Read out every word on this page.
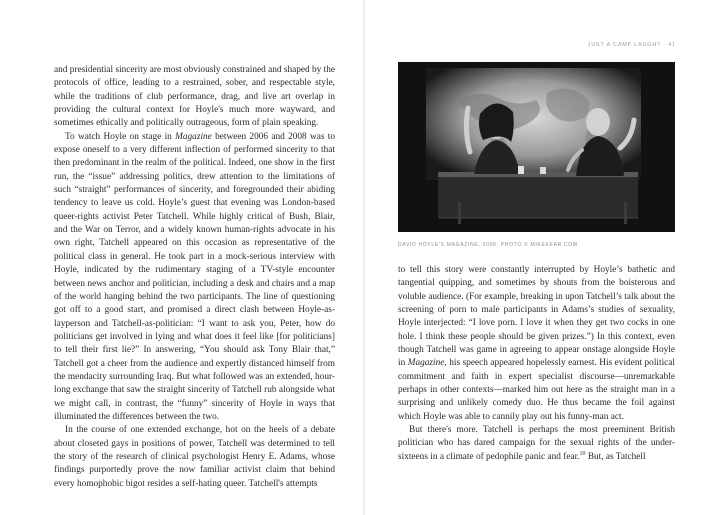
and presidential sincerity are most obviously constrained and shaped by the protocols of office, leading to a restrained, sober, and respectable style, while the traditions of club performance, drag, and live art overlap in providing the cultural context for Hoyle's much more wayward, and sometimes ethically and politically outrageous, form of plain speaking.

To watch Hoyle on stage in Magazine between 2006 and 2008 was to expose oneself to a very different inflection of performed sincerity to that then predominant in the realm of the political. Indeed, one show in the first run, the “issue” addressing politics, drew attention to the limitations of such “straight” performances of sincerity, and foregrounded their abiding tendency to leave us cold. Hoyle’s guest that evening was London-based queer-rights activist Peter Tatchell. While highly critical of Bush, Blair, and the War on Terror, and a widely known human-rights advocate in his own right, Tatchell appeared on this occasion as representative of the political class in general. He took part in a mock-serious interview with Hoyle, indicated by the rudimentary staging of a TV-style encounter between news anchor and politician, including a desk and chairs and a map of the world hanging behind the two participants. The line of questioning got off to a good start, and promised a direct clash between Hoyle-as-layperson and Tatchell-as-politician: “I want to ask you, Peter, how do politicians get involved in lying and what does it feel like [for politicians] to tell their first lie?” In answering, “You should ask Tony Blair that,” Tatchell got a cheer from the audience and expertly distanced himself from the mendacity surrounding Iraq. But what followed was an extended, hour-long exchange that saw the straight sincerity of Tatchell rub alongside what we might call, in contrast, the “funny” sincerity of Hoyle in ways that illuminated the differences between the two.

In the course of one extended exchange, hot on the heels of a debate about closeted gays in positions of power, Tatchell was determined to tell the story of the research of clinical psychologist Henry E. Adams, whose findings purportedly prove the now familiar activist claim that behind every homophobic bigot resides a self-hating queer. Tatchell's attempts

JUST A CAMP LAUGH? · 41
DAVID HOYLE'S MAGAZINE, 2008. PHOTO © MIKEKEAR.COM.

to tell this story were constantly interrupted by Hoyle’s bathetic and tangential quipping, and sometimes by shouts from the boisterous and voluble audience. (For example, breaking in upon Tatchell’s talk about the screening of porn to male participants in Adams’s studies of sexuality, Hoyle interjected: “I love porn. I love it when they get two cocks in one hole. I think these people should be given prizes.”) In this context, even though Tatchell was game in agreeing to appear onstage alongside Hoyle in Magazine, his speech appeared hopelessly earnest. His evident political commitment and faith in expert specialist discourse—unremarkable perhaps in other contexts—marked him out here as the straight man in a surprising and unlikely comedy duo. He thus became the foil against which Hoyle was able to cannily play out his funny-man act.

But there's more. Tatchell is perhaps the most preeminent British politician who has dared campaign for the sexual rights of the under-sixteens in a climate of pedophile panic and fear.$^{10}$ But, as Tatchell
